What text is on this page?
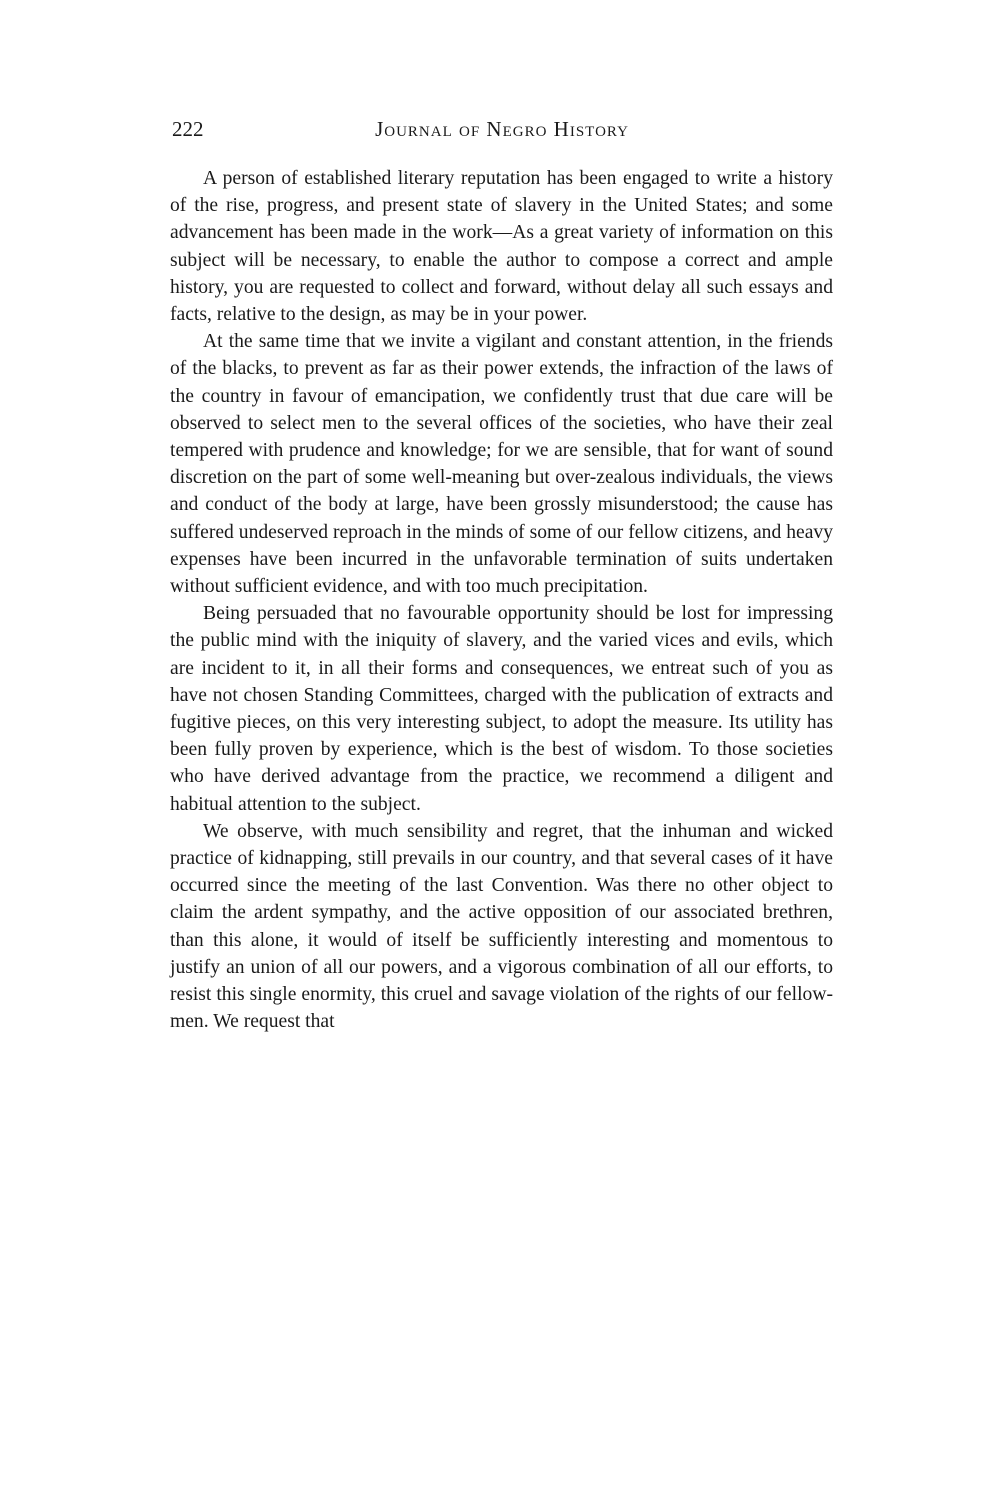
222	Journal of Negro History

A person of established literary reputation has been engaged to write a history of the rise, progress, and present state of slavery in the United States; and some advancement has been made in the work—As a great variety of information on this subject will be necessary, to enable the author to compose a correct and ample history, you are requested to collect and forward, without delay all such essays and facts, relative to the design, as may be in your power.

At the same time that we invite a vigilant and constant attention, in the friends of the blacks, to prevent as far as their power extends, the infraction of the laws of the country in favour of emancipation, we confidently trust that due care will be observed to select men to the several offices of the societies, who have their zeal tempered with prudence and knowledge; for we are sensible, that for want of sound discretion on the part of some well-meaning but over-zealous individuals, the views and conduct of the body at large, have been grossly misunderstood; the cause has suffered undeserved reproach in the minds of some of our fellow citizens, and heavy expenses have been incurred in the unfavorable termination of suits undertaken without sufficient evidence, and with too much precipitation.

Being persuaded that no favourable opportunity should be lost for impressing the public mind with the iniquity of slavery, and the varied vices and evils, which are incident to it, in all their forms and consequences, we entreat such of you as have not chosen Standing Committees, charged with the publication of extracts and fugitive pieces, on this very interesting subject, to adopt the measure. Its utility has been fully proven by experience, which is the best of wisdom. To those societies who have derived advantage from the practice, we recommend a diligent and habitual attention to the subject.

We observe, with much sensibility and regret, that the inhuman and wicked practice of kidnapping, still prevails in our country, and that several cases of it have occurred since the meeting of the last Convention. Was there no other object to claim the ardent sympathy, and the active opposition of our associated brethren, than this alone, it would of itself be sufficiently interesting and momentous to justify an union of all our powers, and a vigorous combination of all our efforts, to resist this single enormity, this cruel and savage violation of the rights of our fellow-men. We request that
